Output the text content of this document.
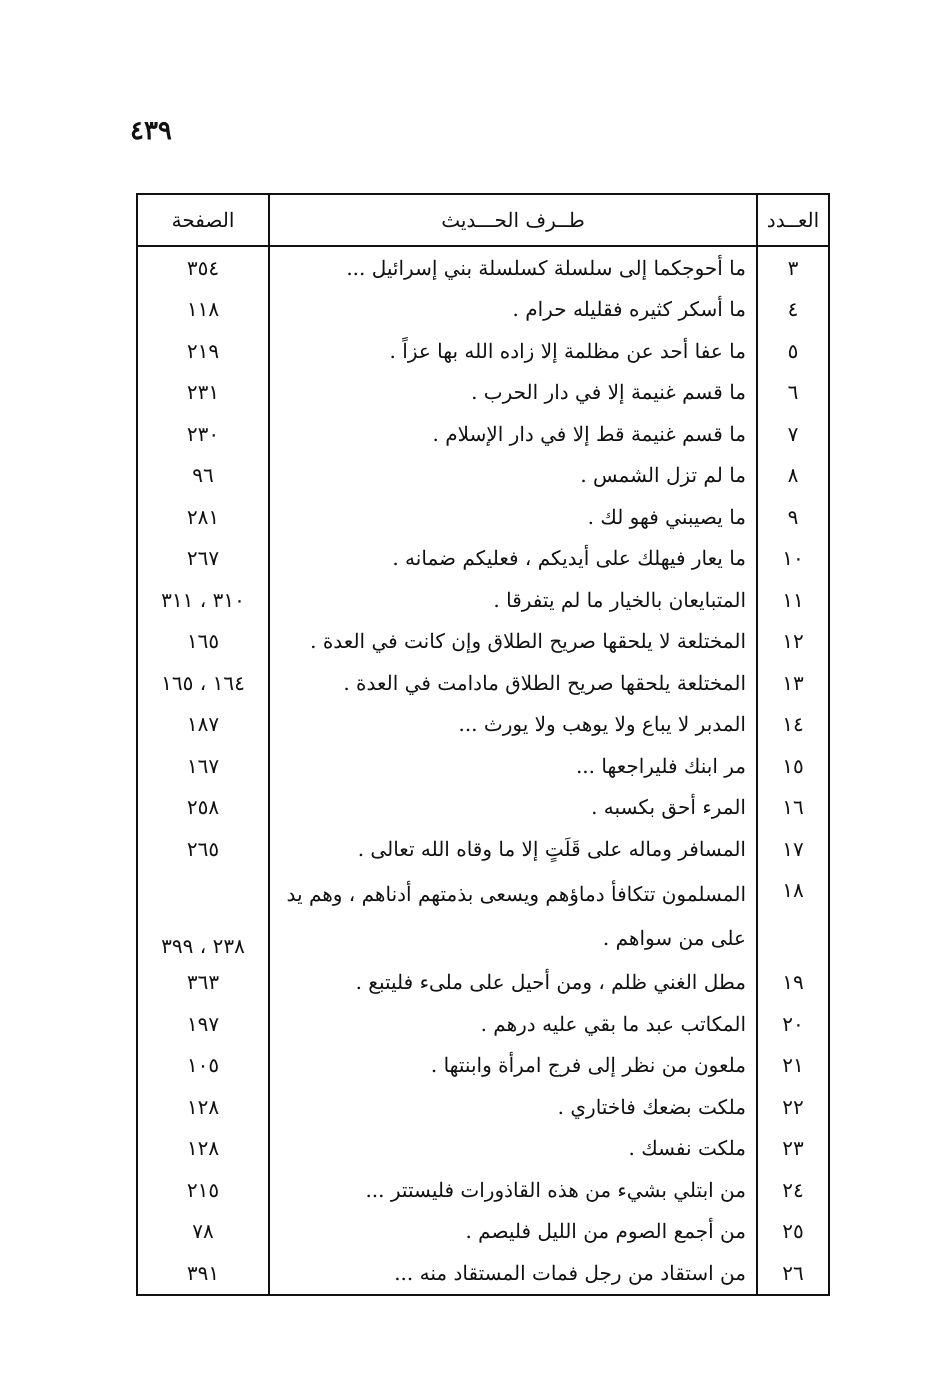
٤٣٩
العــدد	طــرف الحـــديث	الصفحة
٣	ما أحوجكما إلى سلسلة كسلسلة بني إسرائيل ...	٣٥٤
٤	ما أسكر كثيره فقليله حرام .	١١٨
٥	ما عفا أحد عن مظلمة إلا زاده الله بها عزاً .	٢١٩
٦	ما قسم غنيمة إلا في دار الحرب .	٢٣١
٧	ما قسم غنيمة قط إلا في دار الإسلام .	٢٣٠
٨	ما لم تزل الشمس .	٩٦
٩	ما يصيبني فهو لك .	٢٨١
١٠	ما يعار فيهلك على أيديكم ، فعليكم ضمانه .	٢٦٧
١١	المتبايعان بالخيار ما لم يتفرقا .	٣١٠ ، ٣١١
١٢	المختلعة لا يلحقها صريح الطلاق وإن كانت في العدة .	١٦٥
١٣	المختلعة يلحقها صريح الطلاق مادامت في العدة .	١٦٤ ، ١٦٥
١٤	المدبر لا يباع ولا يوهب ولا يورث ...	١٨٧
١٥	مر ابنك فليراجعها ...	١٦٧
١٦	المرء أحق بكسبه .	٢٥٨
١٧	المسافر وماله على قَلَتٍ إلا ما وقاه الله تعالى .	٢٦٥
١٨	المسلمون تتكافأ دماؤهم ويسعى بذمتهم أدناهم ، وهم يد على من سواهم .	٢٣٨ ، ٣٩٩
١٩	مطل الغني ظلم ، ومن أحيل على ملىء فليتبع .	٣٦٣
٢٠	المكاتب عبد ما بقي عليه درهم .	١٩٧
٢١	ملعون من نظر إلى فرج امرأة وابنتها .	١٠٥
٢٢	ملكت بضعك فاختاري .	١٢٨
٢٣	ملكت نفسك .	١٢٨
٢٤	من ابتلي بشيء من هذه القاذورات فليستتر ...	٢١٥
٢٥	من أجمع الصوم من الليل فليصم .	٧٨
٢٦	من استقاد من رجل فمات المستقاد منه ...	٣٩١
